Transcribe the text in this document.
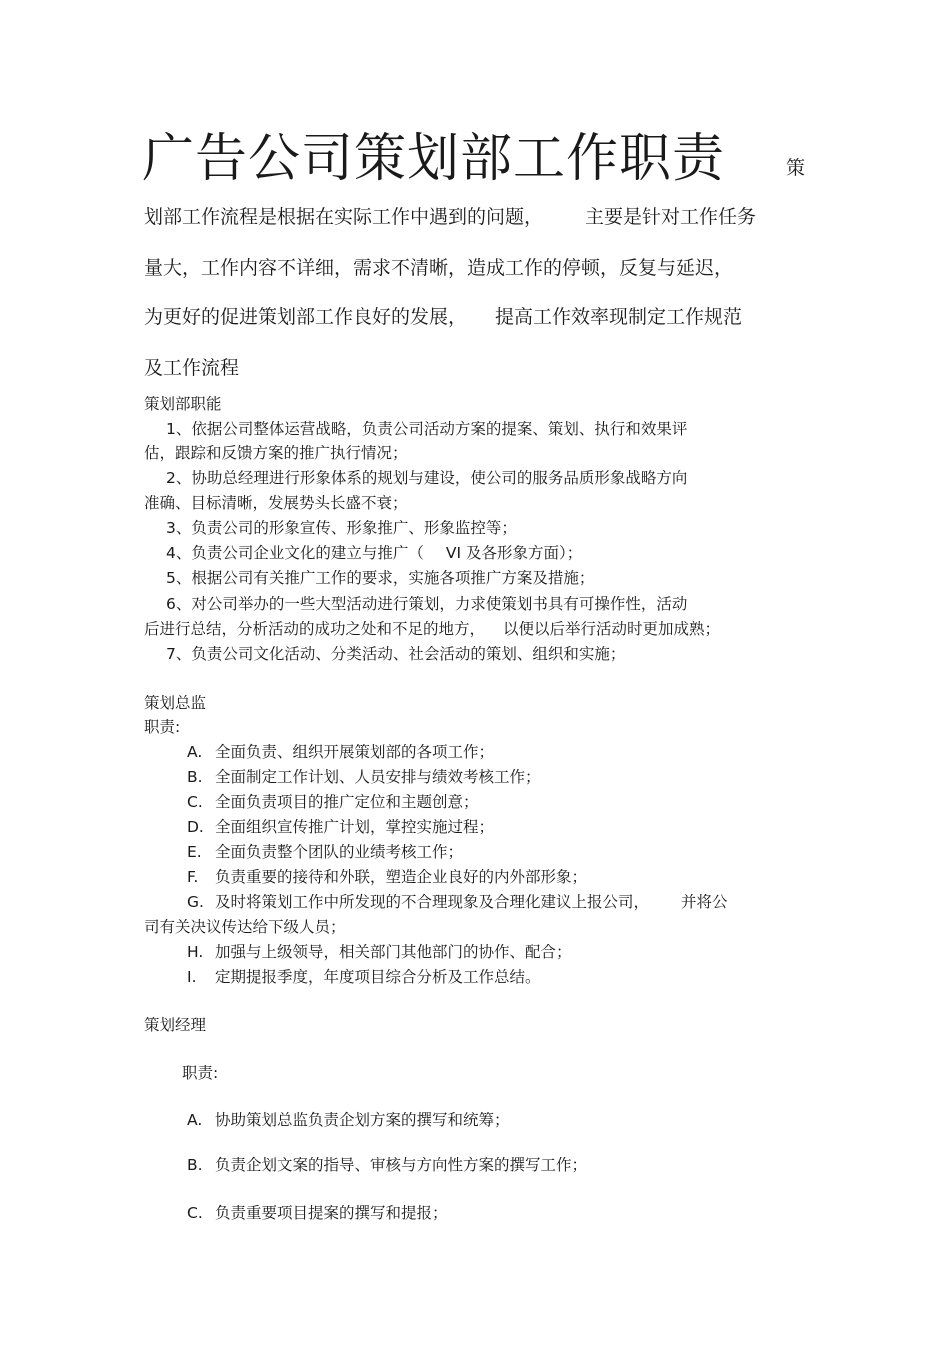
广告公司策划部工作职责	策
划部工作流程是根据在实际工作中遇到的问题， 主要是针对工作任务
量大，工作内容不详细，需求不清晰，造成工作的停顿，反复与延迟，
为更好的促进策划部工作良好的发展， 提高工作效率现制定工作规范
及工作流程
策划部职能
1、依据公司整体运营战略，负责公司活动方案的提案、策划、执行和效果评
估，跟踪和反馈方案的推广执行情况；
2、协助总经理进行形象体系的规划与建设，使公司的服务品质形象战略方向
准确、目标清晰，发展势头长盛不衰；
3、负责公司的形象宣传、形象推广、形象监控等；
4、负责公司企业文化的建立与推广（ VI 及各形象方面）；
5、根据公司有关推广工作的要求，实施各项推广方案及措施；
6、对公司举办的一些大型活动进行策划，力求使策划书具有可操作性，活动
后进行总结，分析活动的成功之处和不足的地方， 以便以后举行活动时更加成熟；
7、负责公司文化活动、分类活动、社会活动的策划、组织和实施；
策划总监
职责:
A. 全面负责、组织开展策划部的各项工作；
B. 全面制定工作计划、人员安排与绩效考核工作；
C. 全面负责项目的推广定位和主题创意；
D. 全面组织宣传推广计划，掌控实施过程；
E. 全面负责整个团队的业绩考核工作；
F. 负责重要的接待和外联，塑造企业良好的内外部形象；
G. 及时将策划工作中所发现的不合理现象及合理化建议上报公司， 并将公
司有关决议传达给下级人员；
H. 加强与上级领导，相关部门其他部门的协作、配合；
I. 定期提报季度，年度项目综合分析及工作总结。
策划经理
职责:
A. 协助策划总监负责企划方案的撰写和统筹；
B. 负责企划文案的指导、审核与方向性方案的撰写工作；
C. 负责重要项目提案的撰写和提报；
